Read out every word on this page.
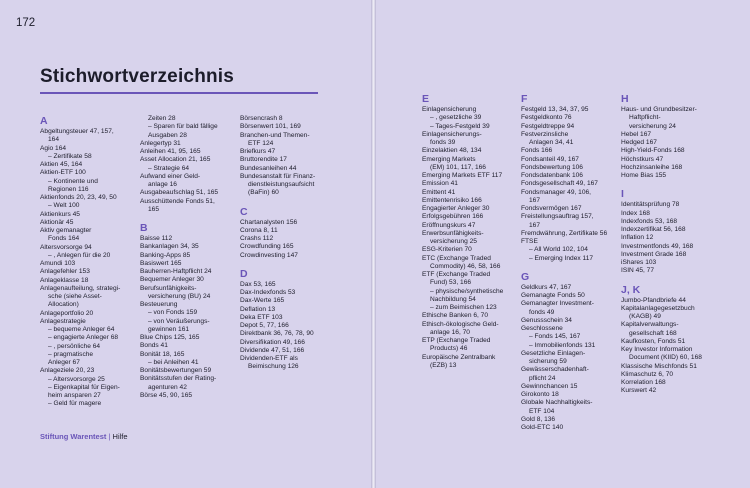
172
Stichwortverzeichnis
A
Abgeltungsteuer 47, 157,
164
Agio 164
– Zertifikate 58
Aktien 45, 164
Aktien-ETF 100
– Kontinente und
Regionen 116
Aktienfonds 20, 23, 49, 50
– Welt 100
Aktienkurs 45
Aktionär 45
Aktiv gemanagter
Fonds 164
Altersvorsorge 94
– , Anlegen für die 20
Amundi 103
Anlagefehler 153
Anlageklasse 18
Anlagenaufteilung, strategi-
sche (siehe Asset-
Allocation)
Anlageportfolio 20
Anlagestrategie
– bequeme Anleger 64
– engagierte Anleger 68
– , persönliche 64
– pragmatische
Anleger 67
Anlageziele 20, 23
– Altersvorsorge 25
– Eigenkapital für Eigen-
heim ansparen 27
– Geld für magere
Zeiten 28
– Sparen für bald fällige
Ausgaben 28
Anlegertyp 31
Anleihen 41, 95, 165
Asset Allocation 21, 165
– Strategie 64
Aufwand einer Geld-
anlage 16
Ausgabeaufschlag 51, 165
Ausschüttende Fonds 51,
165
B
Baisse 112
Bankanlagen 34, 35
Banking-Apps 85
Basiswert 165
Bauherren-Haftpflicht 24
Bequemer Anleger 30
Berufsunfähigkeits-
versicherung (BU) 24
Besteuerung
– von Fonds 159
– von Veräußerungs-
gewinnen 161
Blue Chips 125, 165
Bonds 41
Bonität 18, 165
– bei Anleihen 41
Bonitätsbewertungen 59
Bonitätsstufen der Rating-
agenturen 42
Börse 45, 90, 165
Börsencrash 8
Börsenwert 101, 169
Branchen-und Themen-
ETF 124
Briefkurs 47
Bruttorendite 17
Bundesanleihen 44
Bundesanstalt für Finanz-
dienstleistungsaufsicht
(BaFin) 60
C
Chartanalysten 156
Corona 8, 11
Crashs 112
Crowdfunding 165
Crowdinvesting 147
D
Dax 53, 165
Dax-Indexfonds 53
Dax-Werte 165
Deflation 13
Deka ETF 103
Depot 5, 77, 166
Direktbank 36, 76, 78, 90
Diversifikation 49, 166
Dividende 47, 51, 166
Dividenden-ETF als
Beimischung 126
E
Einlagensicherung
– , gesetzliche 39
– Tages-Festgeld 39
Einlagensicherungs-
fonds 39
Einzelaktien 48, 134
Emerging Markets
(EM) 101, 117, 166
Emerging Markets ETF 117
Emission 41
Emittent 41
Emittentenrisiko 166
Engagierter Anleger 30
Erfolgsgebühren 166
Eröffnungskurs 47
Erwerbsunfähigkeits-
versicherung 25
ESG-Kriterien 70
ETC (Exchange Traded
Commodity) 46, 58, 166
ETF (Exchange Traded
Fund) 53, 166
– physische/synthetische
Nachbildung 54
– zum Beimischen 123
Ethische Banken 6, 70
Ethisch-ökologische Geld-
anlage 16, 70
ETP (Exchange Traded
Products) 46
Europäische Zentralbank
(EZB) 13
F
Festgeld 13, 34, 37, 95
Festgeldkonto 76
Festgeldtreppe 94
Festverzinsliche
Anlagen 34, 41
Fonds 166
Fondsanteil 49, 167
Fondsbewertung 106
Fondsdatenbank 106
Fondsgesellschaft 49, 167
Fondsmanager 49, 106,
167
Fondsvermögen 167
Freistellungsauftrag 157,
167
Fremdwährung, Zertifikate 56
FTSE
– All World 102, 104
– Emerging Index 117
G
Geldkurs 47, 167
Gemanagte Fonds 50
Gemanagter Investment-
fonds 49
Genussschein 34
Geschlossene
– Fonds 145, 167
– Immobilienfonds 131
Gesetzliche Einlagen-
sicherung 59
Gewässerschadenhaft-
pflicht 24
Gewinnchancen 15
Girokonto 18
Globale Nachhaltigkeits-
ETF 104
Gold 8, 136
Gold-ETC 140
H
Haus- und Grundbesitzer-
Haftpflicht-
versicherung 24
Hebel 167
Hedged 167
High-Yield-Fonds 168
Höchstkurs 47
Hochzinsanleihe 168
Home Bias 155
I
Identitätsprüfung 78
Index 168
Indexfonds 53, 168
Indexzertifikat 56, 168
Inflation 12
Investmentfonds 49, 168
Investment Grade 168
iShares 103
ISIN 45, 77
J, K
Jumbo-Pfandbriefe 44
Kapitalanlagegesetzbuch
(KAGB) 49
Kapitalverwaltungs-
gesellschaft 168
Kaufkosten, Fonds 51
Key Investor Information
Document (KIID) 60, 168
Klassische Mischfonds 51
Klimaschutz 6, 70
Korrelation 168
Kurswert 42
Stiftung Warentest | Hilfe
